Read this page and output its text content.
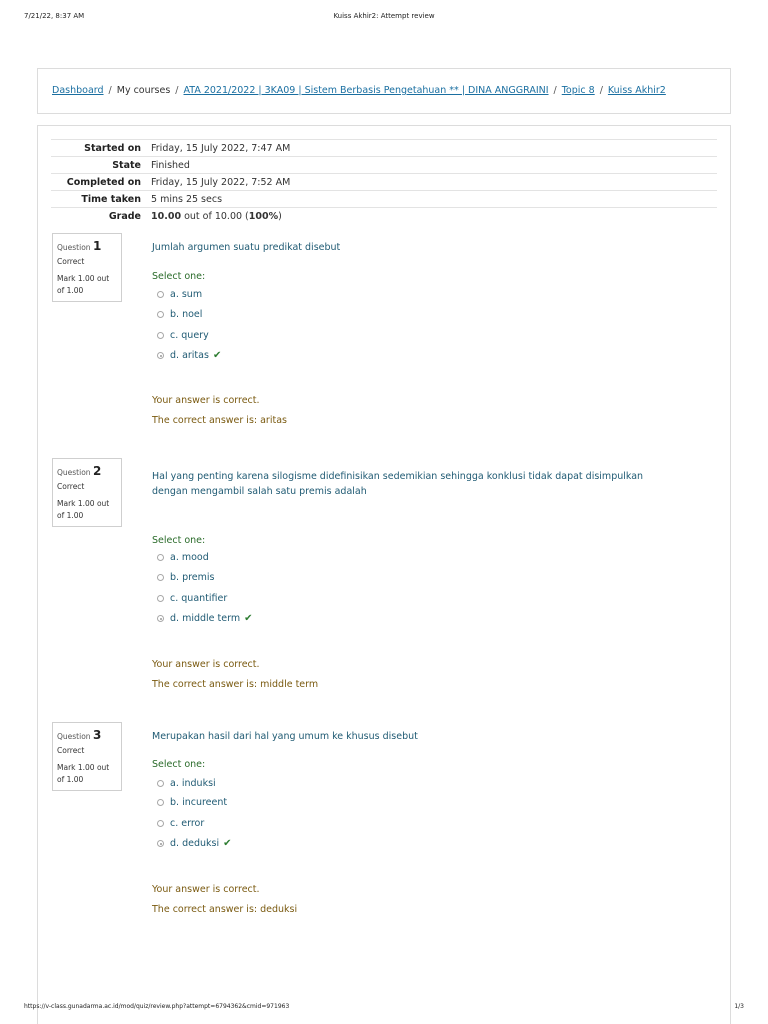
7/21/22, 8:37 AM	Kuiss Akhir2: Attempt review
Dashboard / My courses / ATA 2021/2022 | 3KA09 | Sistem Berbasis Pengetahuan ** | DINA ANGGRAINI / Topic 8 / Kuiss Akhir2
Started on	Friday, 15 July 2022, 7:47 AM
State	Finished
Completed on	Friday, 15 July 2022, 7:52 AM
Time taken	5 mins 25 secs
Grade	10.00 out of 10.00 (100%)
Question 1
Correct
Mark 1.00 out of 1.00
Jumlah argumen suatu predikat disebut
Select one:
a. sum
b. noel
c. query
d. aritas ✔
Your answer is correct.
The correct answer is: aritas
Question 2
Correct
Mark 1.00 out of 1.00
Hal yang penting karena silogisme didefinisikan sedemikian sehingga konklusi tidak dapat disimpulkan dengan mengambil salah satu premis adalah
Select one:
a. mood
b. premis
c. quantifier
d. middle term ✔
Your answer is correct.
The correct answer is: middle term
Question 3
Correct
Mark 1.00 out of 1.00
Merupakan hasil dari hal yang umum ke khusus disebut
Select one:
a. induksi
b. incureent
c. error
d. deduksi ✔
Your answer is correct.
The correct answer is: deduksi
https://v-class.gunadarma.ac.id/mod/quiz/review.php?attempt=6794362&cmid=971963	1/3
